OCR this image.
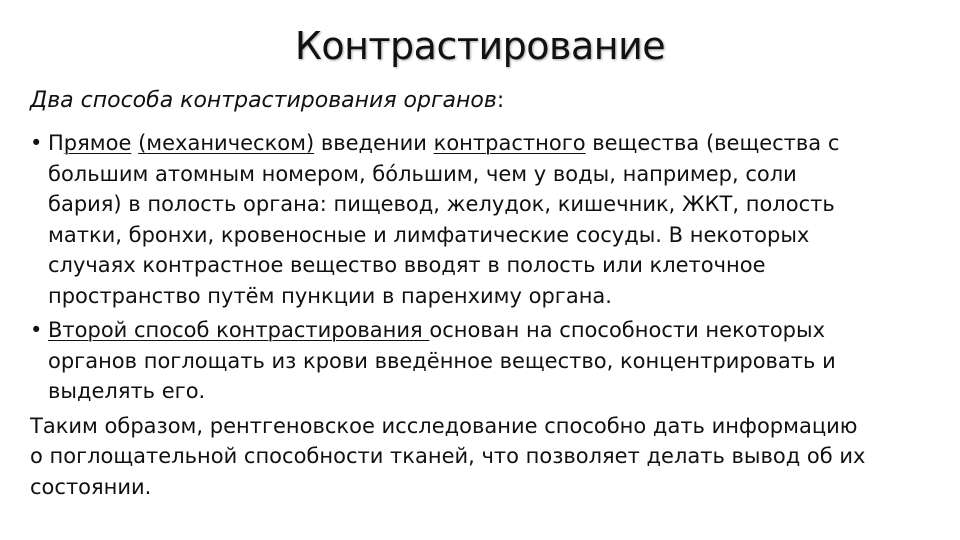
Контрастирование
Два способа контрастирования органов:
• Прямое (механическом) введении контрастного вещества (вещества с
большим атомным номером, бóльшим, чем у воды, например, соли
бария) в полость органа: пищевод, желудок, кишечник, ЖКТ, полость
матки, бронхи, кровеносные и лимфатические сосуды. В некоторых
случаях контрастное вещество вводят в полость или клеточное
пространство путём пункции в паренхиму органа.
• Второй способ контрастирования основан на способности некоторых
органов поглощать из крови введённое вещество, концентрировать и
выделять его.
Таким образом, рентгеновское исследование способно дать информацию
о поглощательной способности тканей, что позволяет делать вывод об их
состоянии.
